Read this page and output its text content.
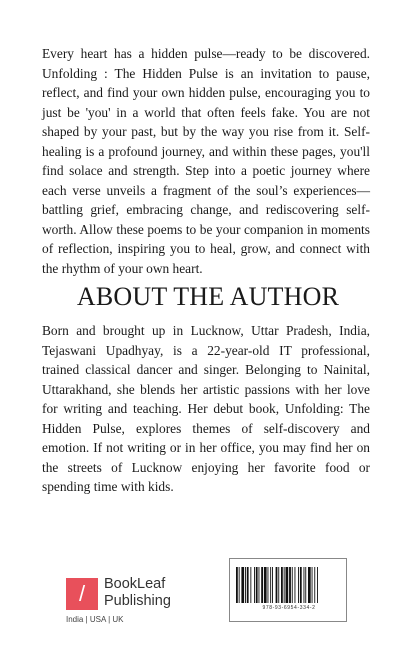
Every heart has a hidden pulse—ready to be discovered. Unfolding : The Hidden Pulse is an invitation to pause, reflect, and find your own hidden pulse, encouraging you to just be 'you' in a world that often feels fake. You are not shaped by your past, but by the way you rise from it. Self-healing is a profound journey, and within these pages, you'll find solace and strength. Step into a poetic journey where each verse unveils a fragment of the soul’s experiences—battling grief, embracing change, and rediscovering self-worth. Allow these poems to be your companion in moments of reflection, inspiring you to heal, grow, and connect with the rhythm of your own heart.

ABOUT THE AUTHOR

Born and brought up in Lucknow, Uttar Pradesh, India, Tejaswani Upadhyay, is a 22-year-old IT professional, trained classical dancer and singer. Belonging to Nainital, Uttarakhand, she blends her artistic passions with her love for writing and teaching. Her debut book, Unfolding: The Hidden Pulse, explores themes of self-discovery and emotion. If not writing or in her office, you may find her on the streets of Lucknow enjoying her favorite food or spending time with kids.

/	BookLeaf
Publishing
India | USA | UK
978-93-6954-334-2
